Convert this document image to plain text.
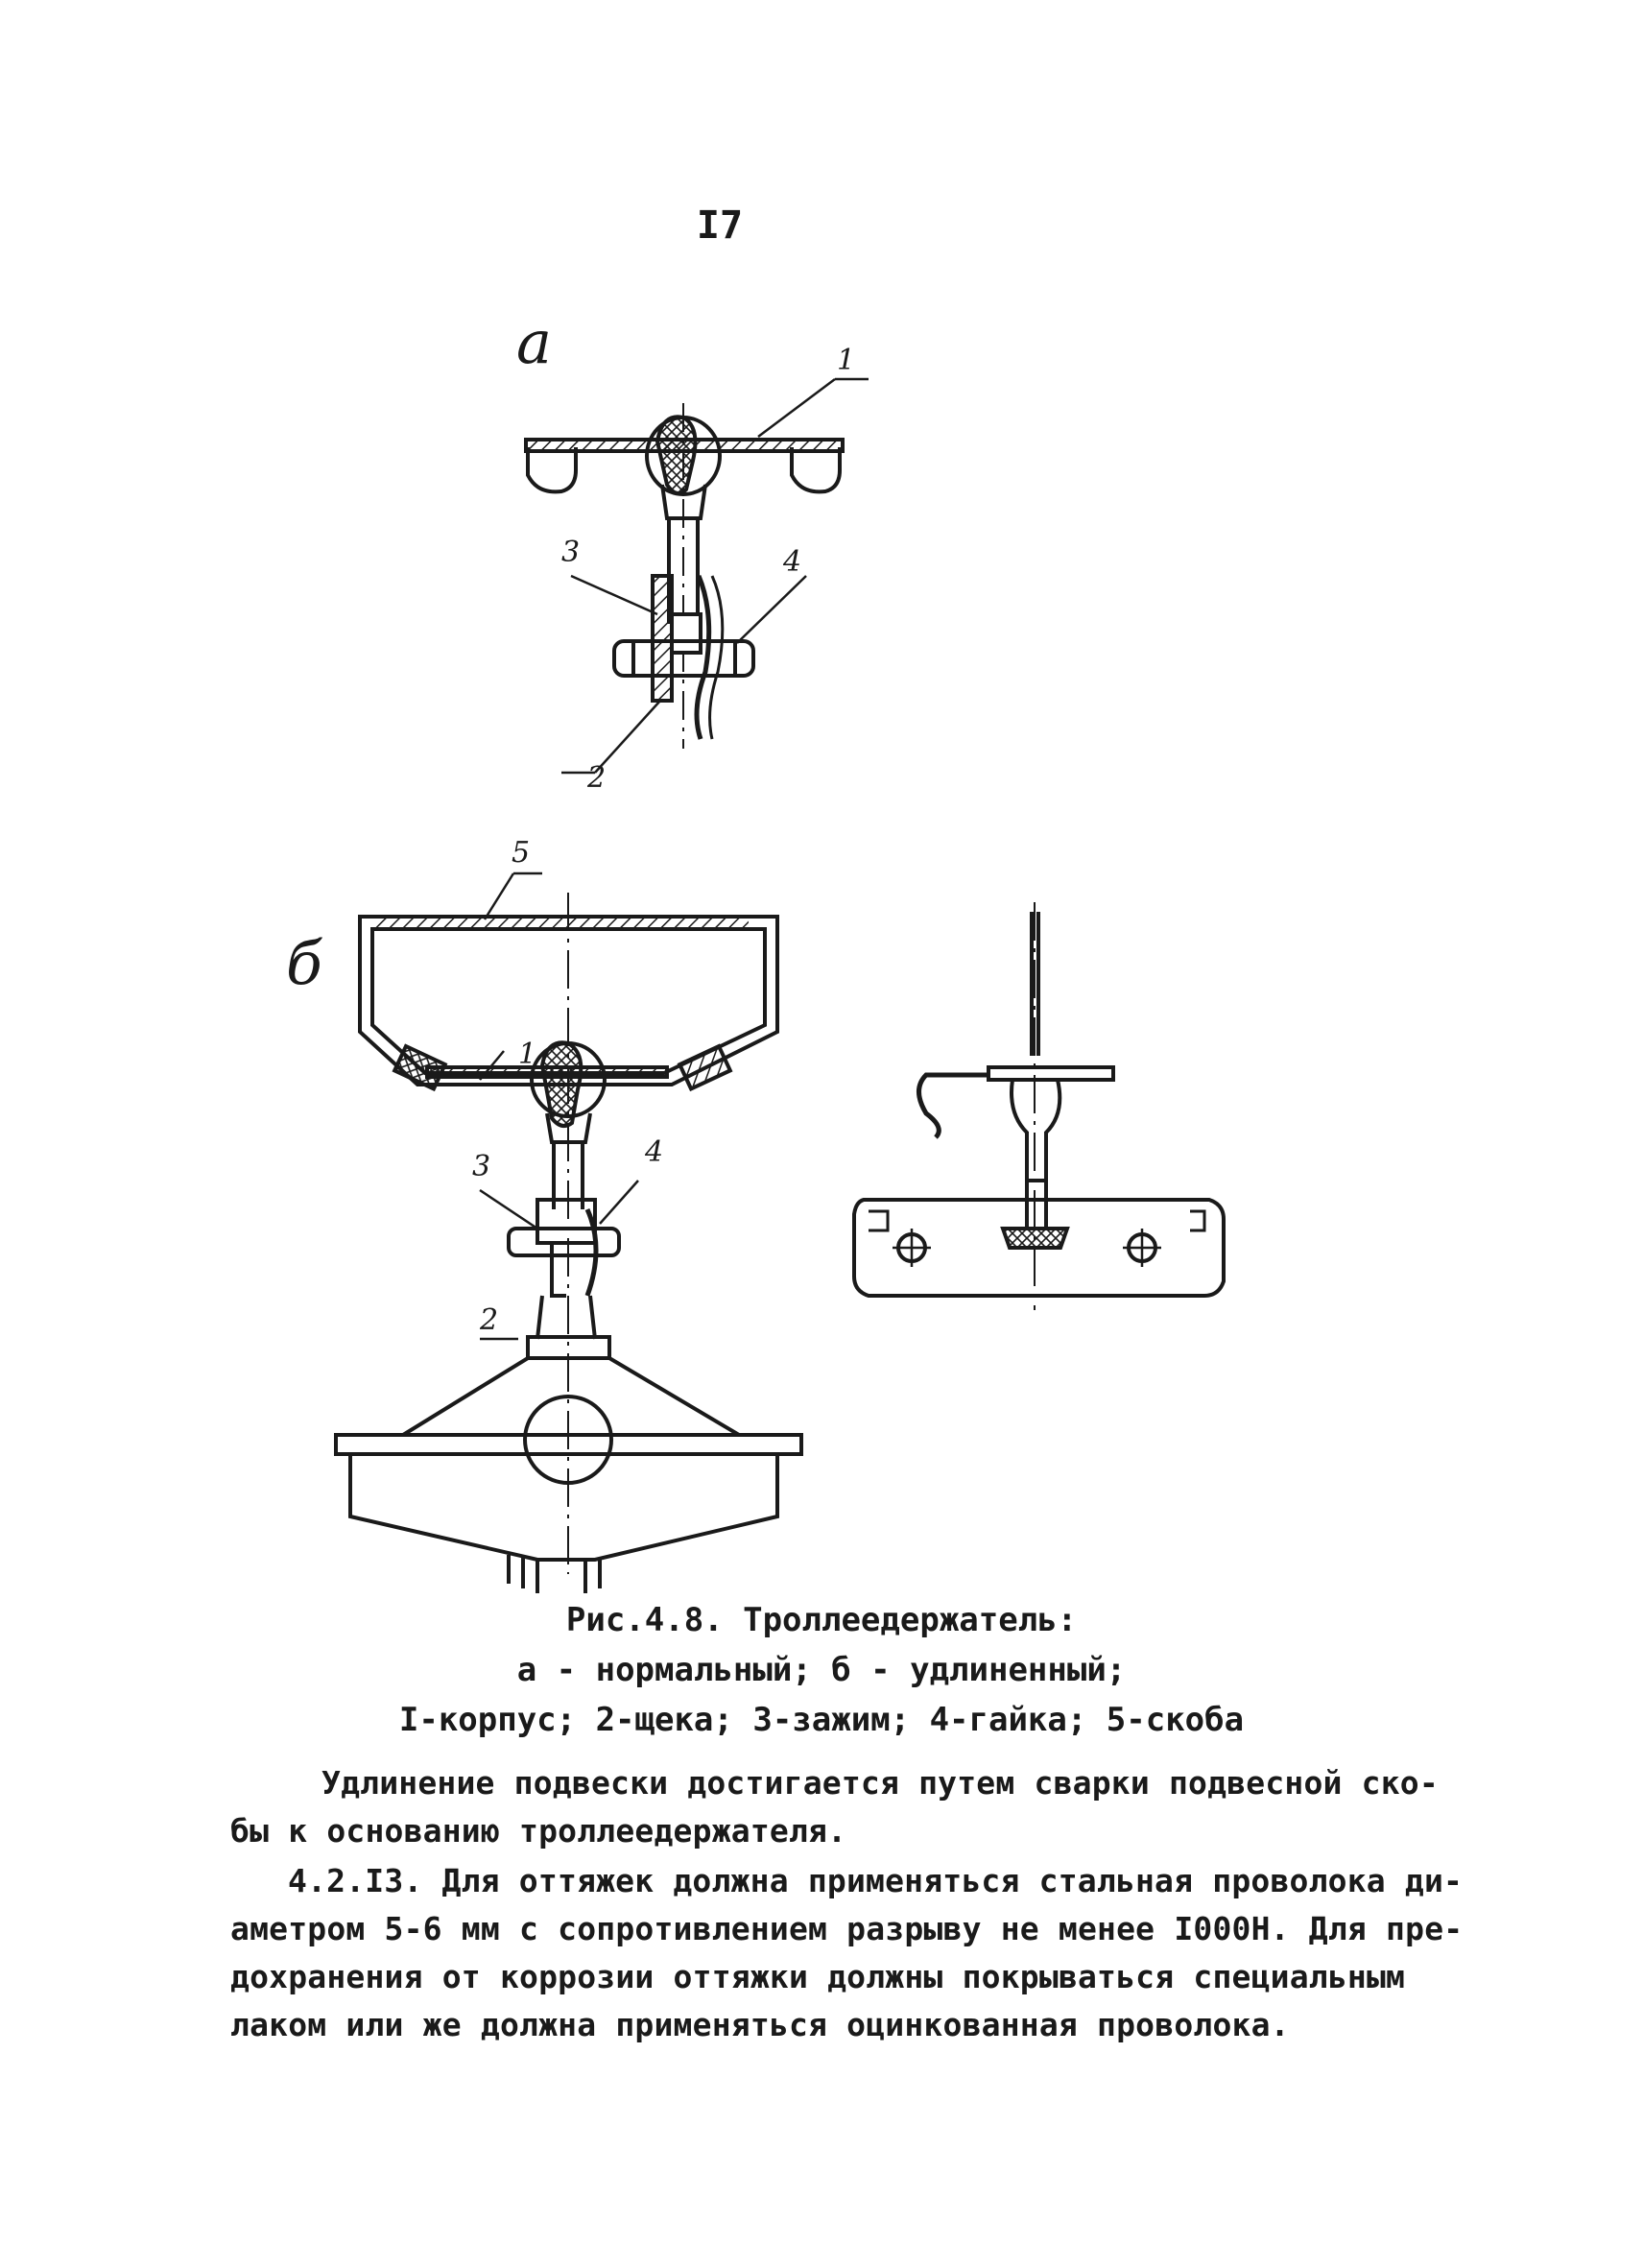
I7
а
б
1
2
3	4
1
2
3	4
5
Рис.4.8. Троллеедержатель:
а - нормальный; б - удлиненный;
I-корпус; 2-щека; 3-зажим; 4-гайка; 5-скоба
Удлинение подвески достигается путем сварки подвесной ско-
бы к основанию троллеедержателя.
4.2.I3. Для оттяжек должна применяться стальная проволока ди-
аметром 5-6 мм с сопротивлением разрыву не менее I000Н. Для пре-
дохранения от коррозии оттяжки должны покрываться специальным
лаком или же должна применяться оцинкованная проволока.
